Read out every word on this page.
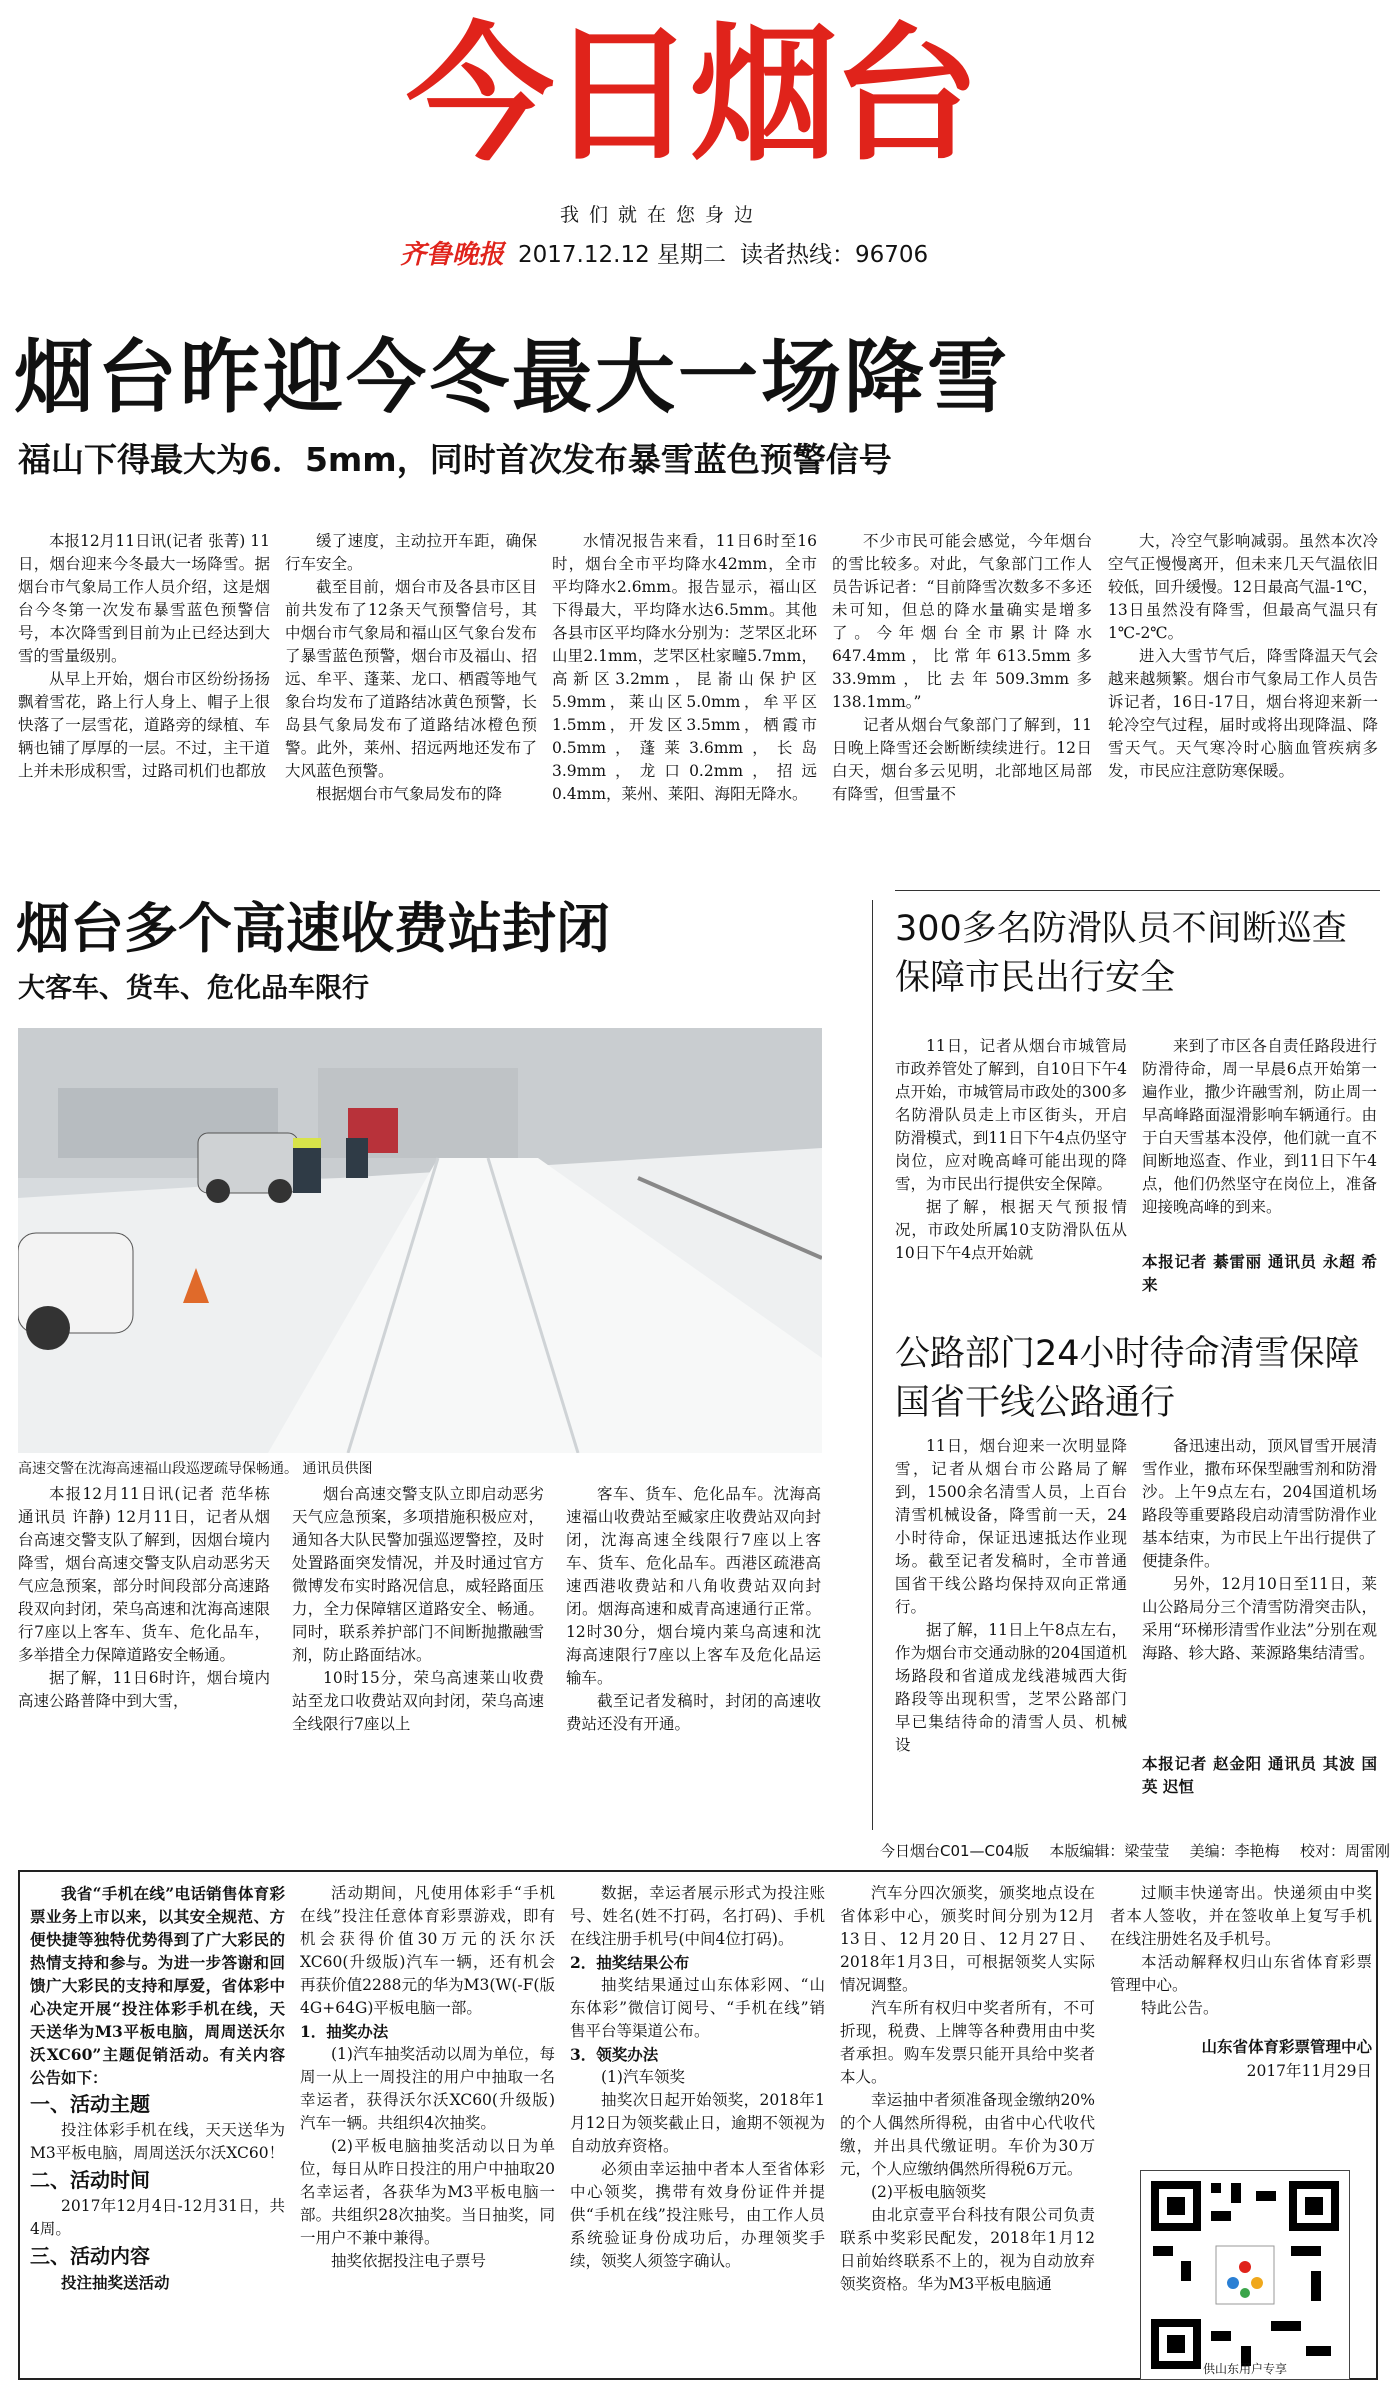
今日烟台
我们就在您身边
齐鲁晚报 2017.12.12 星期二 读者热线：96706
烟台昨迎今冬最大一场降雪
福山下得最大为6．5mm，同时首次发布暴雪蓝色预警信号

本报12月11日讯(记者 张菁) 11日，烟台迎来今冬最大一场降雪。据烟台市气象局工作人员介绍，这是烟台今冬第一次发布暴雪蓝色预警信号，本次降雪到目前为止已经达到大雪的雪量级别。

从早上开始，烟台市区纷纷扬扬飘着雪花，路上行人身上、帽子上很快落了一层雪花，道路旁的绿植、车辆也铺了厚厚的一层。不过，主干道上并未形成积雪，过路司机们也都放

缓了速度，主动拉开车距，确保行车安全。

截至目前，烟台市及各县市区目前共发布了12条天气预警信号，其中烟台市气象局和福山区气象台发布了暴雪蓝色预警，烟台市及福山、招远、牟平、蓬莱、龙口、栖霞等地气象台均发布了道路结冰黄色预警，长岛县气象局发布了道路结冰橙色预警。此外，莱州、招远两地还发布了大风蓝色预警。

根据烟台市气象局发布的降

水情况报告来看，11日6时至16时，烟台全市平均降水42mm，全市平均降水2.6mm。报告显示，福山区下得最大，平均降水达6.5mm。其他各县市区平均降水分别为：芝罘区北环山里2.1mm，芝罘区杜家疃5.7mm，高新区3.2mm，昆嵛山保护区5.9mm，莱山区5.0mm，牟平区1.5mm，开发区3.5mm，栖霞市0.5mm，蓬莱3.6mm，长岛3.9mm，龙口0.2mm，招远0.4mm，莱州、莱阳、海阳无降水。

不少市民可能会感觉，今年烟台的雪比较多。对此，气象部门工作人员告诉记者：“目前降雪次数多不多还未可知，但总的降水量确实是增多了。今年烟台全市累计降水647.4mm，比常年613.5mm多33.9mm，比去年509.3mm多138.1mm。”

记者从烟台气象部门了解到，11日晚上降雪还会断断续续进行。12日白天，烟台多云见明，北部地区局部有降雪，但雪量不

大，冷空气影响减弱。虽然本次冷空气正慢慢离开，但未来几天气温依旧较低，回升缓慢。12日最高气温-1℃，13日虽然没有降雪，但最高气温只有1℃-2℃。

进入大雪节气后，降雪降温天气会越来越频繁。烟台市气象局工作人员告诉记者，16日-17日，烟台将迎来新一轮冷空气过程，届时或将出现降温、降雪天气。天气寒冷时心脑血管疾病多发，市民应注意防寒保暖。

烟台多个高速收费站封闭
大客车、货车、危化品车限行
高速交警在沈海高速福山段巡逻疏导保畅通。 通讯员供图

本报12月11日讯(记者 范华栋 通讯员 许静) 12月11日，记者从烟台高速交警支队了解到，因烟台境内降雪，烟台高速交警支队启动恶劣天气应急预案，部分时间段部分高速路段双向封闭，荣乌高速和沈海高速限行7座以上客车、货车、危化品车，多举措全力保障道路安全畅通。

据了解，11日6时许，烟台境内高速公路普降中到大雪，

烟台高速交警支队立即启动恶劣天气应急预案，多项措施积极应对，通知各大队民警加强巡逻警控，及时处置路面突发情况，并及时通过官方微博发布实时路况信息，威轻路面压力，全力保障辖区道路安全、畅通。同时，联系养护部门不间断抛撒融雪剂，防止路面结冰。

10时15分，荣乌高速莱山收费站至龙口收费站双向封闭，荣乌高速全线限行7座以上

客车、货车、危化品车。沈海高速福山收费站至臧家庄收费站双向封闭，沈海高速全线限行7座以上客车、货车、危化品车。西港区疏港高速西港收费站和八角收费站双向封闭。烟海高速和威青高速通行正常。12时30分，烟台境内莱乌高速和沈海高速限行7座以上客车及危化品运输车。

截至记者发稿时，封闭的高速收费站还没有开通。

300多名防滑队员不间断巡查保障市民出行安全

11日，记者从烟台市城管局市政养管处了解到，自10日下午4点开始，市城管局市政处的300多名防滑队员走上市区街头，开启防滑模式，到11日下午4点仍坚守岗位，应对晚高峰可能出现的降雪，为市民出行提供安全保障。

据了解，根据天气预报情况，市政处所属10支防滑队伍从10日下午4点开始就

来到了市区各自责任路段进行防滑待命，周一早晨6点开始第一遍作业，撒少许融雪剂，防止周一早高峰路面湿滑影响车辆通行。由于白天雪基本没停，他们就一直不间断地巡查、作业，到11日下午4点，他们仍然坚守在岗位上，准备迎接晚高峰的到来。

本报记者 綦雷丽 通讯员 永超 希来
公路部门24小时待命清雪保障国省干线公路通行

11日，烟台迎来一次明显降雪，记者从烟台市公路局了解到，1500余名清雪人员，上百台清雪机械设备，降雪前一天，24小时待命，保证迅速抵达作业现场。截至记者发稿时，全市普通国省干线公路均保持双向正常通行。

据了解，11日上午8点左右，作为烟台市交通动脉的204国道机场路段和省道成龙线港城西大街路段等出现积雪，芝罘公路部门早已集结待命的清雪人员、机械设

备迅速出动，顶风冒雪开展清雪作业，撒布环保型融雪剂和防滑沙。上午9点左右，204国道机场路段等重要路段启动清雪防滑作业基本结束，为市民上午出行提供了便捷条件。

另外，12月10日至11日，莱山公路局分三个清雪防滑突击队，采用“环梯形清雪作业法”分别在观海路、轸大路、莱源路集结清雪。

本报记者 赵金阳 通讯员 其波 国英 迟恒
今日烟台C01—C04版 本版编辑：梁莹莹 美编：李艳梅 校对：周雷刚

我省“手机在线”电话销售体育彩票业务上市以来，以其安全规范、方便快捷等独特优势得到了广大彩民的热情支持和参与。为进一步答谢和回馈广大彩民的支持和厚爱，省体彩中心决定开展“投注体彩手机在线，天天送华为M3平板电脑，周周送沃尔沃XC60”主题促销活动。有关内容公告如下：

一、活动主题

投注体彩手机在线，天天送华为M3平板电脑，周周送沃尔沃XC60！

二、活动时间

2017年12月4日-12月31日，共4周。

三、活动内容

投注抽奖送活动

活动期间，凡使用体彩手“手机在线”投注任意体育彩票游戏，即有机会获得价值30万元的沃尔沃XC60(升级版)汽车一辆，还有机会再获价值2288元的华为M3(W(-F(版4G+64G)平板电脑一部。

1．抽奖办法

(1)汽车抽奖活动以周为单位，每周一从上一周投注的用户中抽取一名幸运者，获得沃尔沃XC60(升级版)汽车一辆。共组织4次抽奖。

(2)平板电脑抽奖活动以日为单位，每日从昨日投注的用户中抽取20名幸运者，各获华为M3平板电脑一部。共组织28次抽奖。当日抽奖，同一用户不兼中兼得。

抽奖依据投注电子票号

数据，幸运者展示形式为投注账号、姓名(姓不打码，名打码)、手机在线注册手机号(中间4位打码)。

2．抽奖结果公布

抽奖结果通过山东体彩网、“山东体彩”微信订阅号、“手机在线”销售平台等渠道公布。

3．领奖办法

(1)汽车领奖

抽奖次日起开始领奖，2018年1月12日为领奖截止日，逾期不领视为自动放弃资格。

必须由幸运抽中者本人至省体彩中心领奖，携带有效身份证件并提供“手机在线”投注账号，由工作人员系统验证身份成功后，办理领奖手续，领奖人须签字确认。

汽车分四次颁奖，颁奖地点设在省体彩中心，颁奖时间分别为12月13日、12月20日、12月27日、2018年1月3日，可根据领奖人实际情况调整。

汽车所有权归中奖者所有，不可折现，税费、上牌等各种费用由中奖者承担。购车发票只能开具给中奖者本人。

幸运抽中者须准备现金缴纳20%的个人偶然所得税，由省中心代收代缴，并出具代缴证明。车价为30万元，个人应缴纳偶然所得税6万元。

(2)平板电脑领奖

由北京壹平台科技有限公司负责联系中奖彩民配发，2018年1月12日前始终联系不上的，视为自动放弃领奖资格。华为M3平板电脑通

过顺丰快递寄出。快递须由中奖者本人签收，并在签收单上复写手机在线注册姓名及手机号。

本活动解释权归山东省体育彩票管理中心。

特此公告。

山东省体育彩票管理中心
2017年11月29日
供山东用户专享
